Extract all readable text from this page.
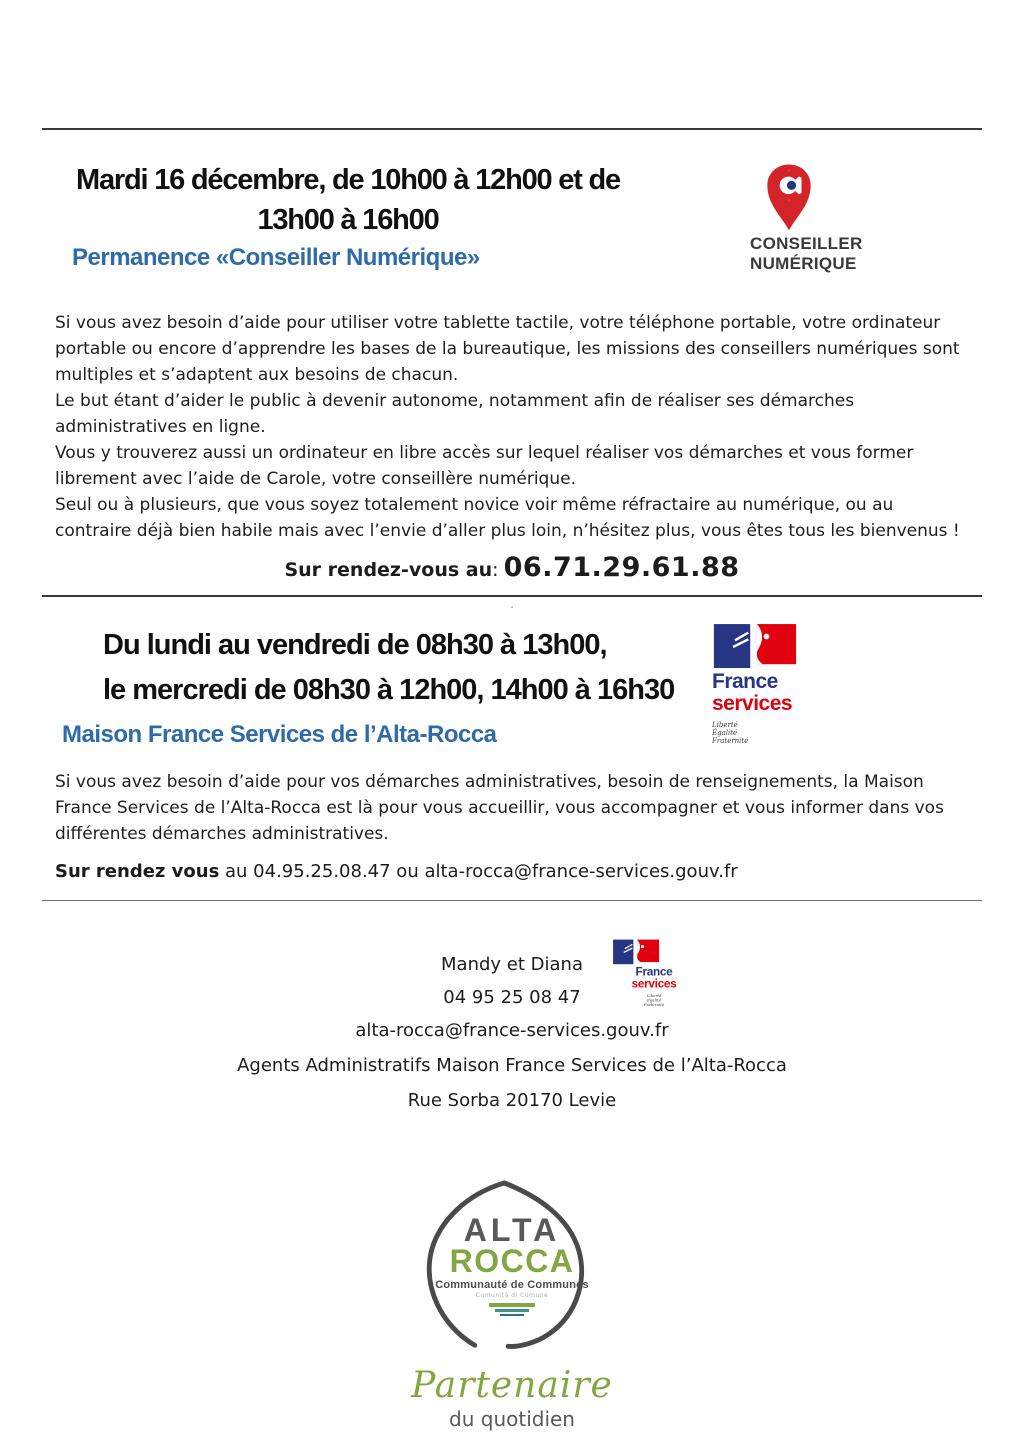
Mardi 16 décembre, de 10h00 à 12h00 et de
13h00 à 16h00
Permanence «Conseiller Numérique»
CONSEILLER
NUMÉRIQUE

Si vous avez besoin d’aide pour utiliser votre tablette tactile, votre téléphone portable, votre ordinateur portable ou encore d’apprendre les bases de la bureautique, les missions des conseillers numériques sont multiples et s’adaptent aux besoins de chacun.

Le but étant d’aider le public à devenir autonome, notamment afin de réaliser ses démarches administratives en ligne.

Vous y trouverez aussi un ordinateur en libre accès sur lequel réaliser vos démarches et vous former librement avec l’aide de Carole, votre conseillère numérique.

Seul ou à plusieurs, que vous soyez totalement novice voir même réfractaire au numérique, ou au contraire déjà bien habile mais avec l’envie d’aller plus loin, n’hésitez plus, vous êtes tous les bienvenus !

Sur rendez-vous au: 06.71.29.61.88
.
Du lundi au vendredi de 08h30 à 13h00,
le mercredi de 08h30 à 12h00, 14h00 à 16h30
Maison France Services de l’Alta-Rocca
France
services
Liberté
Égalité
Fraternité

Si vous avez besoin d’aide pour vos démarches administratives, besoin de renseignements, la Maison France Services de l’Alta-Rocca est là pour vous accueillir, vous accompagner et vous informer dans vos différentes démarches administratives.

Sur rendez vous au 04.95.25.08.47 ou alta-rocca@france-services.gouv.fr
Mandy et Diana
04 95 25 08 47
alta-rocca@france-services.gouv.fr
Agents Administratifs Maison France Services de l’Alta-Rocca
Rue Sorba 20170 Levie
France
services
Liberté
Égalité
Fraternité
ALTA
ROCCA
Communauté de Communes
Cumunità di Cumune
Partenaire
du quotidien
